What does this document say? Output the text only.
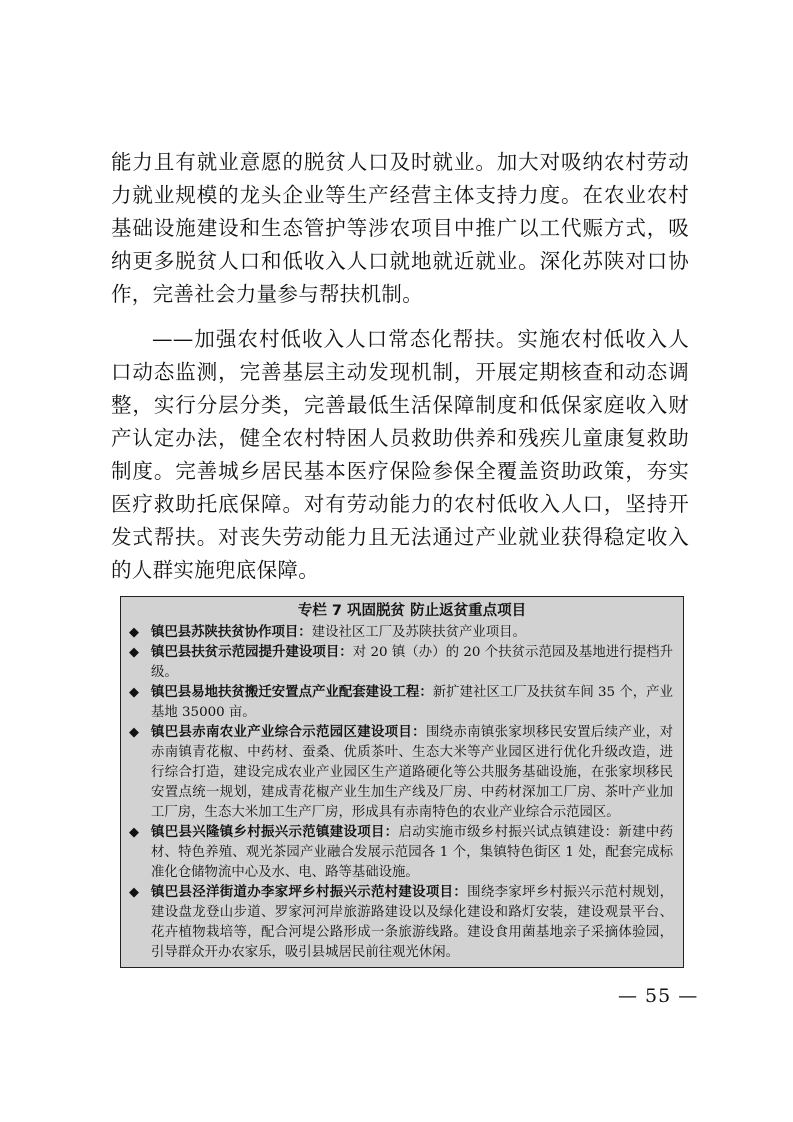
能力且有就业意愿的脱贫人口及时就业。加大对吸纳农村劳动力就业规模的龙头企业等生产经营主体支持力度。在农业农村基础设施建设和生态管护等涉农项目中推广以工代赈方式，吸纳更多脱贫人口和低收入人口就地就近就业。深化苏陕对口协作，完善社会力量参与帮扶机制。

——加强农村低收入人口常态化帮扶。实施农村低收入人口动态监测，完善基层主动发现机制，开展定期核查和动态调整，实行分层分类，完善最低生活保障制度和低保家庭收入财产认定办法，健全农村特困人员救助供养和残疾儿童康复救助制度。完善城乡居民基本医疗保险参保全覆盖资助政策，夯实医疗救助托底保障。对有劳动能力的农村低收入人口，坚持开发式帮扶。对丧失劳动能力且无法通过产业就业获得稳定收入的人群实施兜底保障。

专栏 7 巩固脱贫 防止返贫重点项目
◆ 镇巴县苏陕扶贫协作项目：建设社区工厂及苏陕扶贫产业项目。
◆ 镇巴县扶贫示范园提升建设项目：对 20 镇（办）的 20 个扶贫示范园及基地进行提档升级。
◆ 镇巴县易地扶贫搬迁安置点产业配套建设工程：新扩建社区工厂及扶贫车间 35 个，产业基地 35000 亩。
◆ 镇巴县赤南农业产业综合示范园区建设项目：围绕赤南镇张家坝移民安置后续产业，对赤南镇青花椒、中药材、蚕桑、优质茶叶、生态大米等产业园区进行优化升级改造，进行综合打造，建设完成农业产业园区生产道路硬化等公共服务基础设施，在张家坝移民安置点统一规划，建成青花椒产业生加生产线及厂房、中药材深加工厂房、茶叶产业加工厂房，生态大米加工生产厂房，形成具有赤南特色的农业产业综合示范园区。
◆ 镇巴县兴隆镇乡村振兴示范镇建设项目：启动实施市级乡村振兴试点镇建设：新建中药材、特色养殖、观光茶园产业融合发展示范园各 1 个，集镇特色街区 1 处，配套完成标准化仓储物流中心及水、电、路等基础设施。
◆ 镇巴县泾洋街道办李家坪乡村振兴示范村建设项目：围绕李家坪乡村振兴示范村规划，建设盘龙登山步道、罗家河河岸旅游路建设以及绿化建设和路灯安装，建设观景平台、花卉植物栽培等，配合河堤公路形成一条旅游线路。建设食用菌基地亲子采摘体验园，引导群众开办农家乐，吸引县城居民前往观光休闲。
— 55 —
